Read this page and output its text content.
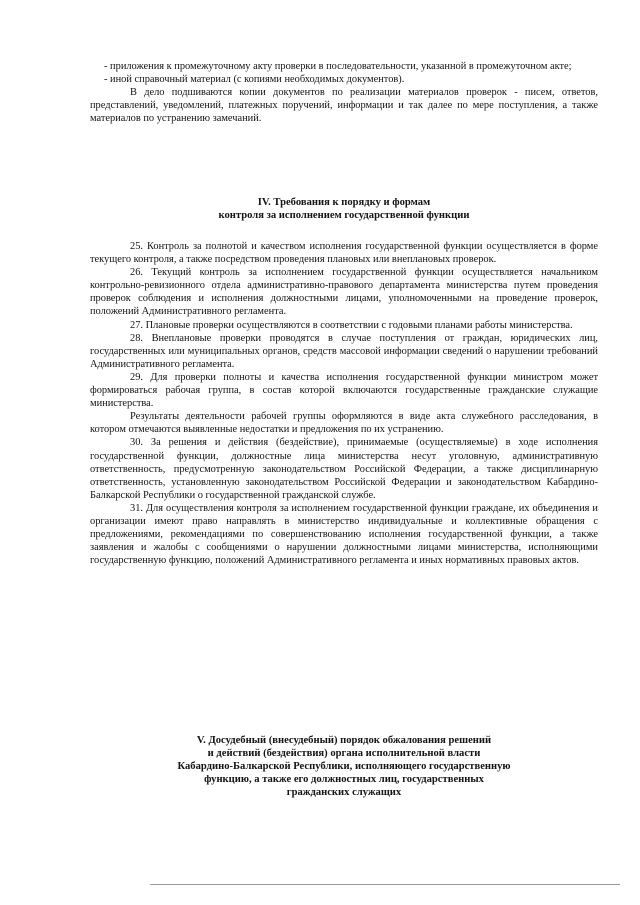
- приложения к промежуточному акту проверки в последовательности, указанной в промежуточном акте;

- иной справочный материал (с копиями необходимых документов).

В дело подшиваются копии документов по реализации материалов проверок - писем, ответов, представлений, уведомлений, платежных поручений, информации и так далее по мере поступления, а также материалов по устранению замечаний.

IV. Требования к порядку и формам
контроля за исполнением государственной функции

25. Контроль за полнотой и качеством исполнения государственной функции осуществляется в форме текущего контроля, а также посредством проведения плановых или внеплановых проверок.

26. Текущий контроль за исполнением государственной функции осуществляется начальником контрольно-ревизионного отдела административно-правового департамента министерства путем проведения проверок соблюдения и исполнения должностными лицами, уполномоченными на проведение проверок, положений Административного регламента.

27. Плановые проверки осуществляются в соответствии с годовыми планами работы министерства.

28. Внеплановые проверки проводятся в случае поступления от граждан, юридических лиц, государственных или муниципальных органов, средств массовой информации сведений о нарушении требований Административного регламента.

29. Для проверки полноты и качества исполнения государственной функции министром может формироваться рабочая группа, в состав которой включаются государственные гражданские служащие министерства.

Результаты деятельности рабочей группы оформляются в виде акта служебного расследования, в котором отмечаются выявленные недостатки и предложения по их устранению.

30. За решения и действия (бездействие), принимаемые (осуществляемые) в ходе исполнения государственной функции, должностные лица министерства несут уголовную, административную ответственность, предусмотренную законодательством Российской Федерации, а также дисциплинарную ответственность, установленную законодательством Российской Федерации и законодательством Кабардино-Балкарской Республики о государственной гражданской службе.

31. Для осуществления контроля за исполнением государственной функции граждане, их объединения и организации имеют право направлять в министерство индивидуальные и коллективные обращения с предложениями, рекомендациями по совершенствованию исполнения государственной функции, а также заявления и жалобы с сообщениями о нарушении должностными лицами министерства, исполняющими государственную функцию, положений Административного регламента и иных нормативных правовых актов.

V. Досудебный (внесудебный) порядок обжалования решений
и действий (бездействия) органа исполнительной власти
Кабардино-Балкарской Республики, исполняющего государственную
функцию, а также его должностных лиц, государственных
гражданских служащих
